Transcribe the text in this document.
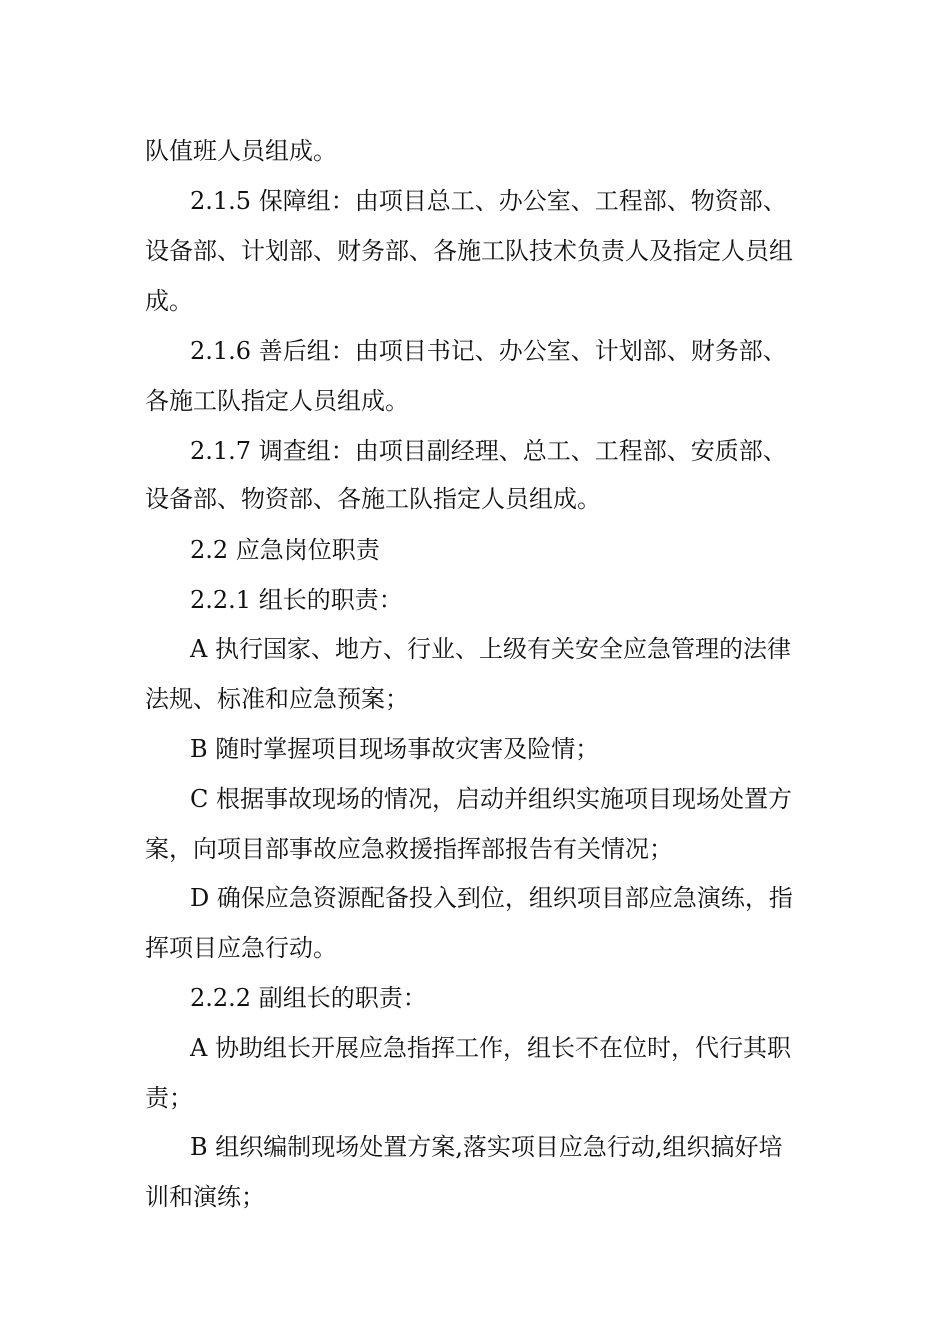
队值班人员组成。
2.1.5 保障组：由项目总工、办公室、工程部、物资部、
设备部、计划部、财务部、各施工队技术负责人及指定人员组
成。
2.1.6 善后组：由项目书记、办公室、计划部、财务部、
各施工队指定人员组成。
2.1.7 调查组：由项目副经理、总工、工程部、安质部、
设备部、物资部、各施工队指定人员组成。
2.2 应急岗位职责
2.2.1 组长的职责：
A 执行国家、地方、行业、上级有关安全应急管理的法律
法规、标准和应急预案；
B 随时掌握项目现场事故灾害及险情；
C 根据事故现场的情况，启动并组织实施项目现场处置方
案，向项目部事故应急救援指挥部报告有关情况；
D 确保应急资源配备投入到位，组织项目部应急演练，指
挥项目应急行动。
2.2.2 副组长的职责：
A 协助组长开展应急指挥工作，组长不在位时，代行其职
责；
B 组织编制现场处置方案,落实项目应急行动,组织搞好培
训和演练；
